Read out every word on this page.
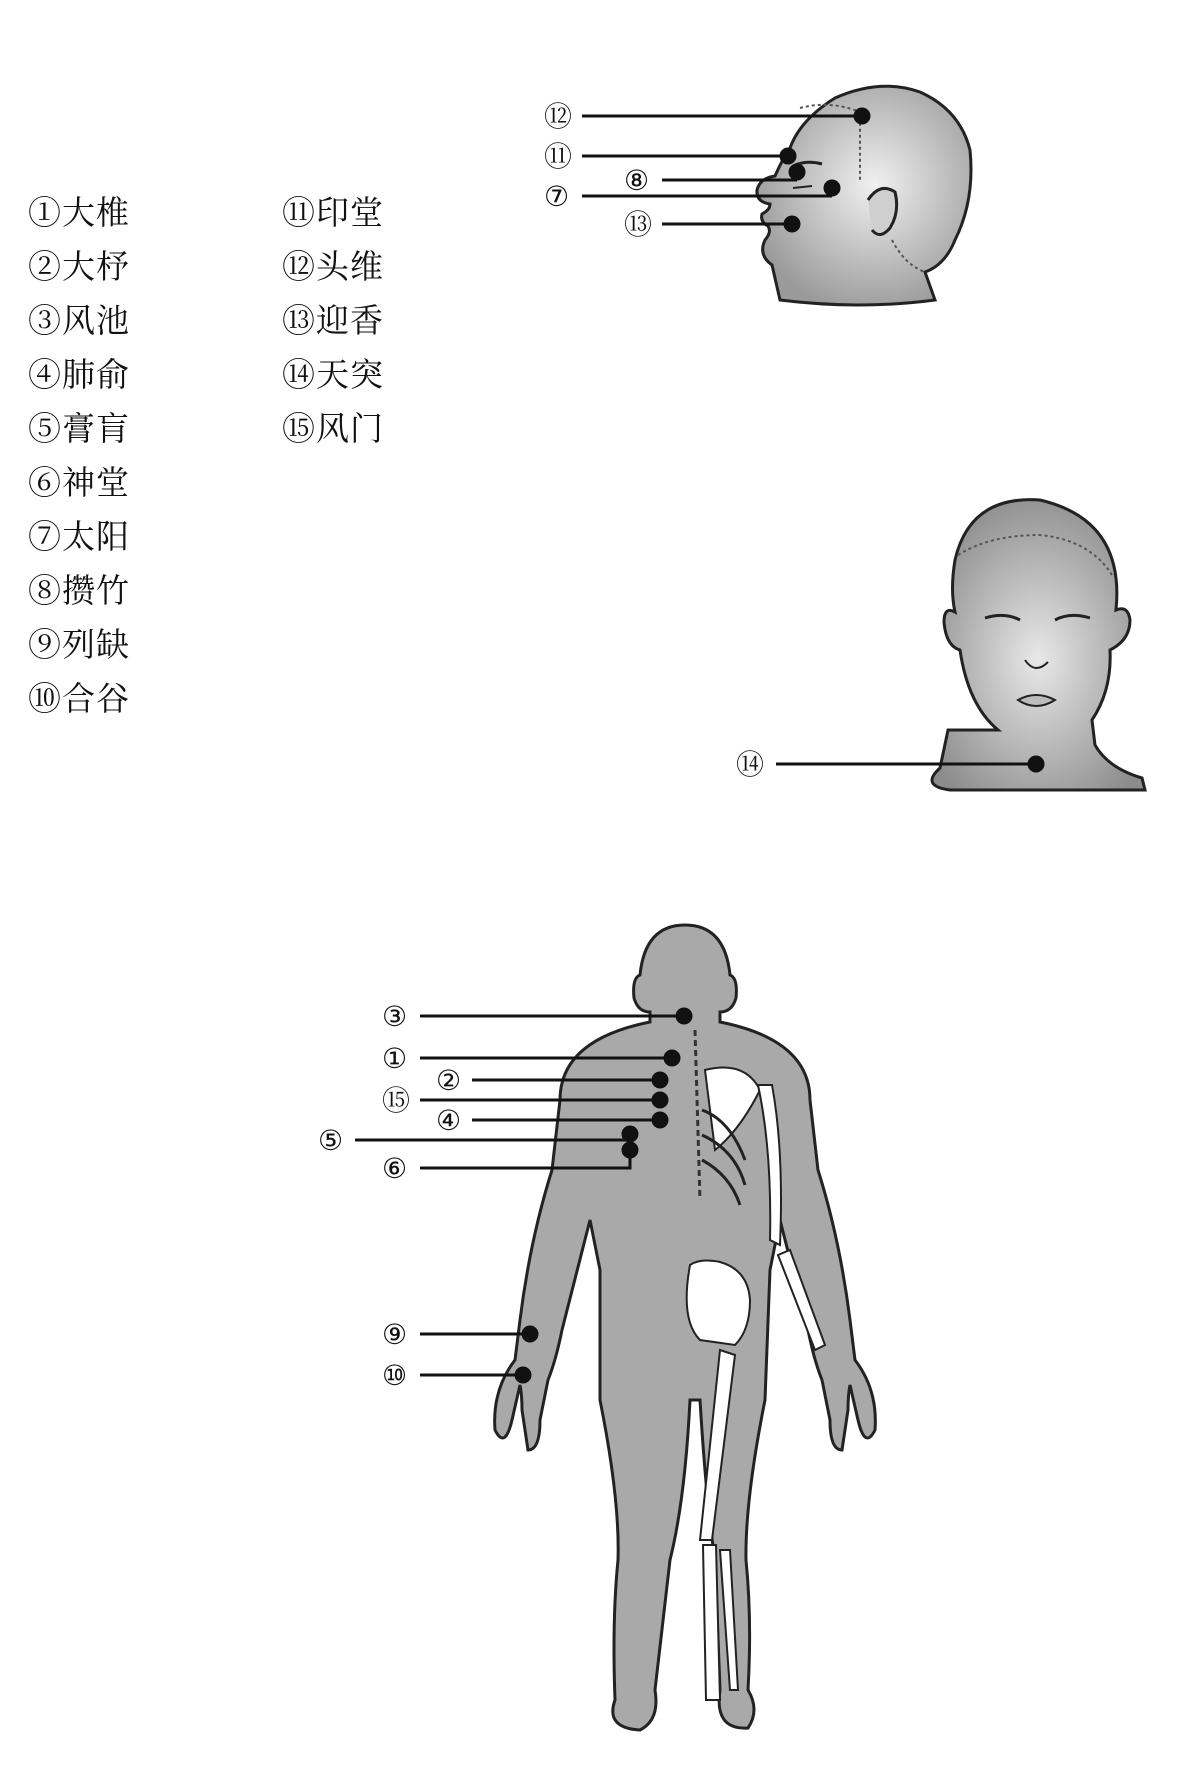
①大椎
②大杼
③风池
④肺俞
⑤膏肓
⑥神堂
⑦太阳
⑧攒竹
⑨列缺
⑩合谷
⑪印堂
⑫头维
⑬迎香
⑭天突
⑮风门
⑫
⑪
⑧
⑦
⑬
⑭
③
①
②
⑮
④
⑤
⑥
⑨
⑩
